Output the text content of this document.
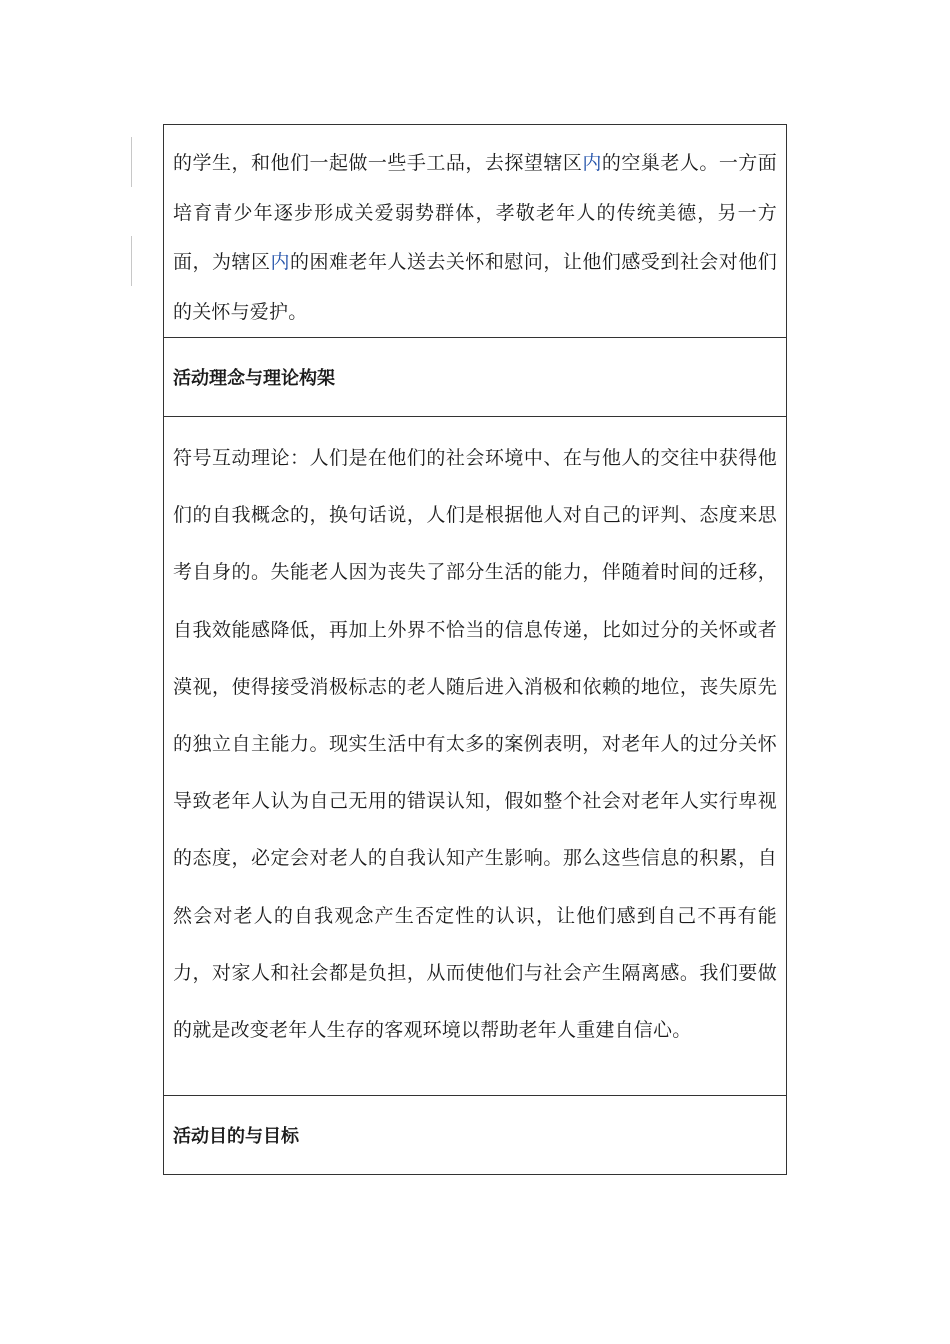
的学生，和他们一起做一些手工品，去探望辖区内的空巢老人。一方面培育青少年逐步形成关爱弱势群体，孝敬老年人的传统美德，另一方面，为辖区内的困难老年人送去关怀和慰问，让他们感受到社会对他们的关怀与爱护。

活动理念与理论构架

符号互动理论：人们是在他们的社会环境中、在与他人的交往中获得他们的自我概念的，换句话说，人们是根据他人对自己的评判、态度来思考自身的。失能老人因为丧失了部分生活的能力，伴随着时间的迁移，自我效能感降低，再加上外界不恰当的信息传递，比如过分的关怀或者漠视，使得接受消极标志的老人随后进入消极和依赖的地位，丧失原先的独立自主能力。现实生活中有太多的案例表明，对老年人的过分关怀导致老年人认为自己无用的错误认知，假如整个社会对老年人实行卑视的态度，必定会对老人的自我认知产生影响。那么这些信息的积累，自然会对老人的自我观念产生否定性的认识，让他们感到自己不再有能力，对家人和社会都是负担，从而使他们与社会产生隔离感。我们要做的就是改变老年人生存的客观环境以帮助老年人重建自信心。

活动目的与目标
